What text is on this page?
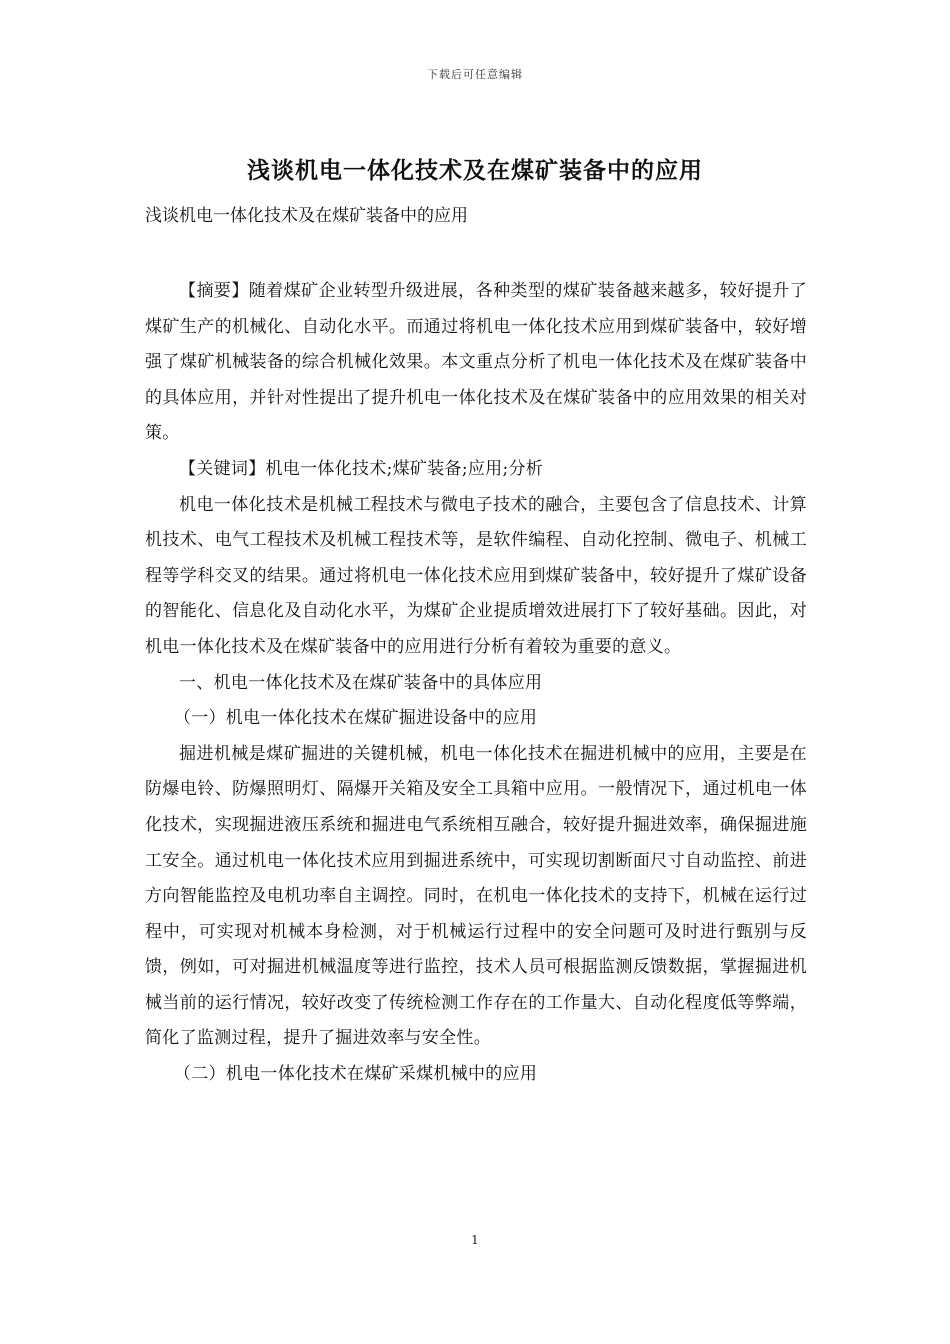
下载后可任意编辑
浅谈机电一体化技术及在煤矿装备中的应用
浅谈机电一体化技术及在煤矿装备中的应用

【摘要】随着煤矿企业转型升级进展，各种类型的煤矿装备越来越多，较好提升了煤矿生产的机械化、自动化水平。而通过将机电一体化技术应用到煤矿装备中，较好增强了煤矿机械装备的综合机械化效果。本文重点分析了机电一体化技术及在煤矿装备中的具体应用，并针对性提出了提升机电一体化技术及在煤矿装备中的应用效果的相关对策。

【关键词】机电一体化技术;煤矿装备;应用;分析

机电一体化技术是机械工程技术与微电子技术的融合，主要包含了信息技术、计算机技术、电气工程技术及机械工程技术等，是软件编程、自动化控制、微电子、机械工程等学科交叉的结果。通过将机电一体化技术应用到煤矿装备中，较好提升了煤矿设备的智能化、信息化及自动化水平，为煤矿企业提质增效进展打下了较好基础。因此，对机电一体化技术及在煤矿装备中的应用进行分析有着较为重要的意义。

一、机电一体化技术及在煤矿装备中的具体应用

（一）机电一体化技术在煤矿掘进设备中的应用

掘进机械是煤矿掘进的关键机械，机电一体化技术在掘进机械中的应用，主要是在防爆电铃、防爆照明灯、隔爆开关箱及安全工具箱中应用。一般情况下，通过机电一体化技术，实现掘进液压系统和掘进电气系统相互融合，较好提升掘进效率，确保掘进施工安全。通过机电一体化技术应用到掘进系统中，可实现切割断面尺寸自动监控、前进方向智能监控及电机功率自主调控。同时，在机电一体化技术的支持下，机械在运行过程中，可实现对机械本身检测，对于机械运行过程中的安全问题可及时进行甄别与反馈，例如，可对掘进机械温度等进行监控，技术人员可根据监测反馈数据，掌握掘进机械当前的运行情况，较好改变了传统检测工作存在的工作量大、自动化程度低等弊端，简化了监测过程，提升了掘进效率与安全性。

（二）机电一体化技术在煤矿采煤机械中的应用

1
